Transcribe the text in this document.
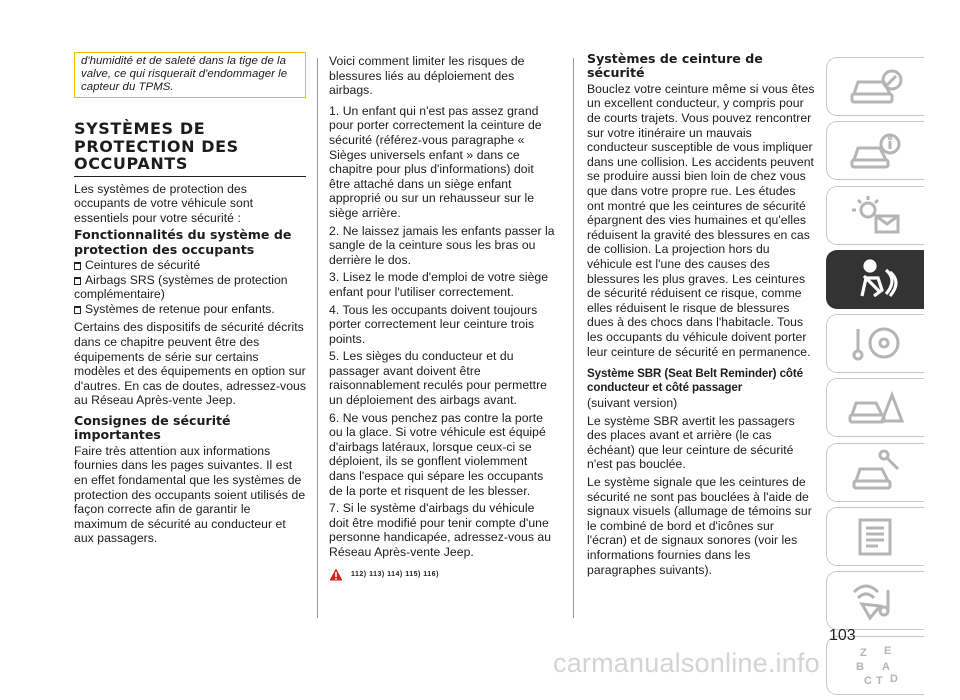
d'humidité et de saleté dans la tige de la valve, ce qui risquerait d'endommager le capteur du TPMS.
SYSTÈMES DE PROTECTION DES OCCUPANTS

Les systèmes de protection des occupants de votre véhicule sont essentiels pour votre sécurité :

Fonctionnalités du système de protection des occupants

Ceintures de sécurité

Airbags SRS (systèmes de protection complémentaire)

Systèmes de retenue pour enfants.

Certains des dispositifs de sécurité décrits dans ce chapitre peuvent être des équipements de série sur certains modèles et des équipements en option sur d'autres. En cas de doutes, adressez-vous au Réseau Après-vente Jeep.

Consignes de sécurité importantes

Faire très attention aux informations fournies dans les pages suivantes. Il est en effet fondamental que les systèmes de protection des occupants soient utilisés de façon correcte afin de garantir le maximum de sécurité au conducteur et aux passagers.

Voici comment limiter les risques de blessures liés au déploiement des airbags.

1. Un enfant qui n'est pas assez grand pour porter correctement la ceinture de sécurité (référez-vous paragraphe « Sièges universels enfant » dans ce chapitre pour plus d'informations) doit être attaché dans un siège enfant approprié ou sur un rehausseur sur le siège arrière.

2. Ne laissez jamais les enfants passer la sangle de la ceinture sous les bras ou derrière le dos.

3. Lisez le mode d'emploi de votre siège enfant pour l'utiliser correctement.

4. Tous les occupants doivent toujours porter correctement leur ceinture trois points.

5. Les sièges du conducteur et du passager avant doivent être raisonnablement reculés pour permettre un déploiement des airbags avant.

6. Ne vous penchez pas contre la porte ou la glace. Si votre véhicule est équipé d'airbags latéraux, lorsque ceux-ci se déploient, ils se gonflent violemment dans l'espace qui sépare les occupants de la porte et risquent de les blesser.

7. Si le système d'airbags du véhicule doit être modifié pour tenir compte d'une personne handicapée, adressez-vous au Réseau Après-vente Jeep.

112) 113) 114) 115) 116)
Systèmes de ceinture de sécurité

Bouclez votre ceinture même si vous êtes un excellent conducteur, y compris pour de courts trajets. Vous pouvez rencontrer sur votre itinéraire un mauvais conducteur susceptible de vous impliquer dans une collision. Les accidents peuvent se produire aussi bien loin de chez vous que dans votre propre rue. Les études ont montré que les ceintures de sécurité épargnent des vies humaines et qu'elles réduisent la gravité des blessures en cas de collision. La projection hors du véhicule est l'une des causes des blessures les plus graves. Les ceintures de sécurité réduisent ce risque, comme elles réduisent le risque de blessures dues à des chocs dans l'habitacle. Tous les occupants du véhicule doivent porter leur ceinture de sécurité en permanence.

Système SBR (Seat Belt Reminder) côté conducteur et côté passager

(suivant version)

Le système SBR avertit les passagers des places avant et arrière (le cas échéant) que leur ceinture de sécurité n'est pas bouclée.

Le système signale que les ceintures de sécurité ne sont pas bouclées à l'aide de signaux visuels (allumage de témoins sur le combiné de bord et d'icônes sur l'écran) et de signaux sonores (voir les informations fournies dans les paragraphes suivants).

Z E
B A
C T D
103
carmanualsonline.info
